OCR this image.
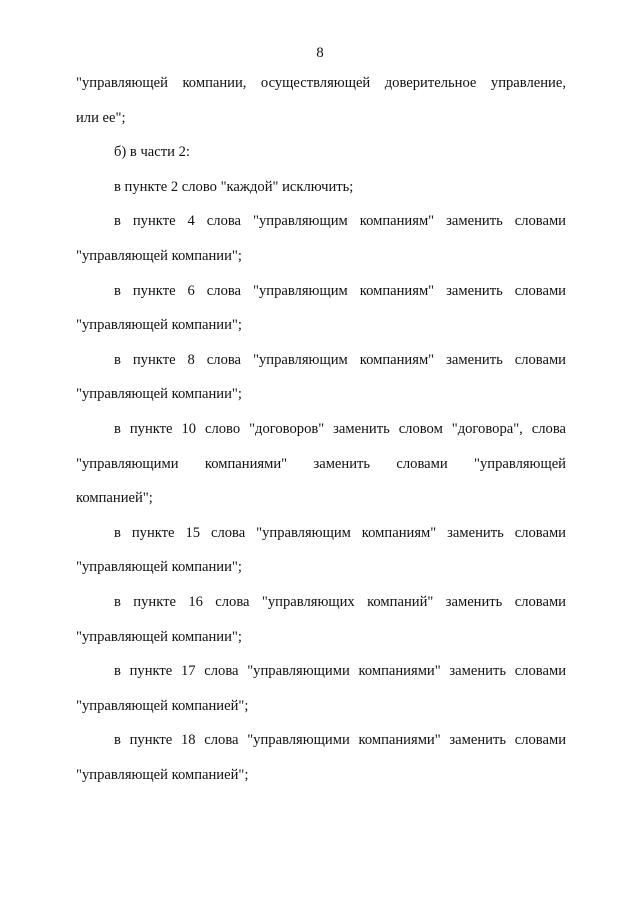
8
"управляющей компании, осуществляющей доверительное управление,
или ее";
б) в части 2:
в пункте 2 слово "каждой" исключить;
в пункте 4 слова "управляющим компаниям" заменить словами
"управляющей компании";
в пункте 6 слова "управляющим компаниям" заменить словами
"управляющей компании";
в пункте 8 слова "управляющим компаниям" заменить словами
"управляющей компании";
в пункте 10 слово "договоров" заменить словом "договора", слова
"управляющими компаниями" заменить словами "управляющей
компанией";
в пункте 15 слова "управляющим компаниям" заменить словами
"управляющей компании";
в пункте 16 слова "управляющих компаний" заменить словами
"управляющей компании";
в пункте 17 слова "управляющими компаниями" заменить словами
"управляющей компанией";
в пункте 18 слова "управляющими компаниями" заменить словами
"управляющей компанией";
